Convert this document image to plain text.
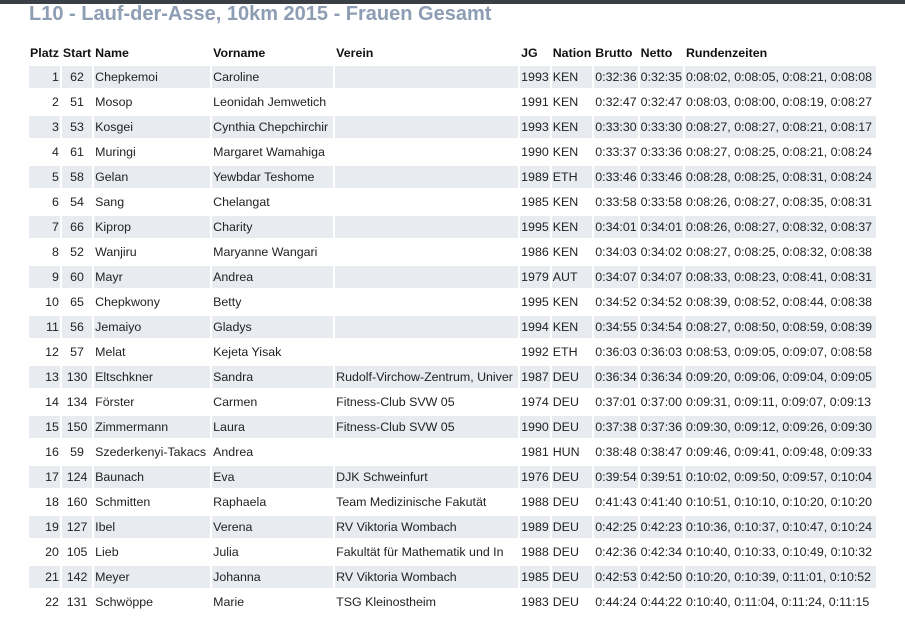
L10 - Lauf-der-Asse, 10km 2015 - Frauen Gesamt
Platz	Start	Name	Vorname	Verein	JG	Nation	Brutto	Netto	Rundenzeiten
1	62	Chepkemoi	Caroline		1993	KEN	0:32:36	0:32:35	0:08:02, 0:08:05, 0:08:21, 0:08:08
2	51	Mosop	Leonidah Jemwetich		1991	KEN	0:32:47	0:32:47	0:08:03, 0:08:00, 0:08:19, 0:08:27
3	53	Kosgei	Cynthia Chepchirchir		1993	KEN	0:33:30	0:33:30	0:08:27, 0:08:27, 0:08:21, 0:08:17
4	61	Muringi	Margaret Wamahiga		1990	KEN	0:33:37	0:33:36	0:08:27, 0:08:25, 0:08:21, 0:08:24
5	58	Gelan	Yewbdar Teshome		1989	ETH	0:33:46	0:33:46	0:08:28, 0:08:25, 0:08:31, 0:08:24
6	54	Sang	Chelangat		1985	KEN	0:33:58	0:33:58	0:08:26, 0:08:27, 0:08:35, 0:08:31
7	66	Kiprop	Charity		1995	KEN	0:34:01	0:34:01	0:08:26, 0:08:27, 0:08:32, 0:08:37
8	52	Wanjiru	Maryanne Wangari		1986	KEN	0:34:03	0:34:02	0:08:27, 0:08:25, 0:08:32, 0:08:38
9	60	Mayr	Andrea		1979	AUT	0:34:07	0:34:07	0:08:33, 0:08:23, 0:08:41, 0:08:31
10	65	Chepkwony	Betty		1995	KEN	0:34:52	0:34:52	0:08:39, 0:08:52, 0:08:44, 0:08:38
11	56	Jemaiyo	Gladys		1994	KEN	0:34:55	0:34:54	0:08:27, 0:08:50, 0:08:59, 0:08:39
12	57	Melat	Kejeta Yisak		1992	ETH	0:36:03	0:36:03	0:08:53, 0:09:05, 0:09:07, 0:08:58
13	130	Eltschkner	Sandra	Rudolf-Virchow-Zentrum, Univer	1987	DEU	0:36:34	0:36:34	0:09:20, 0:09:06, 0:09:04, 0:09:05
14	134	Förster	Carmen	Fitness-Club SVW 05	1974	DEU	0:37:01	0:37:00	0:09:31, 0:09:11, 0:09:07, 0:09:13
15	150	Zimmermann	Laura	Fitness-Club SVW 05	1990	DEU	0:37:38	0:37:36	0:09:30, 0:09:12, 0:09:26, 0:09:30
16	59	Szederkenyi-Takacs	Andrea		1981	HUN	0:38:48	0:38:47	0:09:46, 0:09:41, 0:09:48, 0:09:33
17	124	Baunach	Eva	DJK Schweinfurt	1976	DEU	0:39:54	0:39:51	0:10:02, 0:09:50, 0:09:57, 0:10:04
18	160	Schmitten	Raphaela	Team Medizinische Fakutät	1988	DEU	0:41:43	0:41:40	0:10:51, 0:10:10, 0:10:20, 0:10:20
19	127	Ibel	Verena	RV Viktoria Wombach	1989	DEU	0:42:25	0:42:23	0:10:36, 0:10:37, 0:10:47, 0:10:24
20	105	Lieb	Julia	Fakultät für Mathematik und In	1988	DEU	0:42:36	0:42:34	0:10:40, 0:10:33, 0:10:49, 0:10:32
21	142	Meyer	Johanna	RV Viktoria Wombach	1985	DEU	0:42:53	0:42:50	0:10:20, 0:10:39, 0:11:01, 0:10:52
22	131	Schwöppe	Marie	TSG Kleinostheim	1983	DEU	0:44:24	0:44:22	0:10:40, 0:11:04, 0:11:24, 0:11:15
